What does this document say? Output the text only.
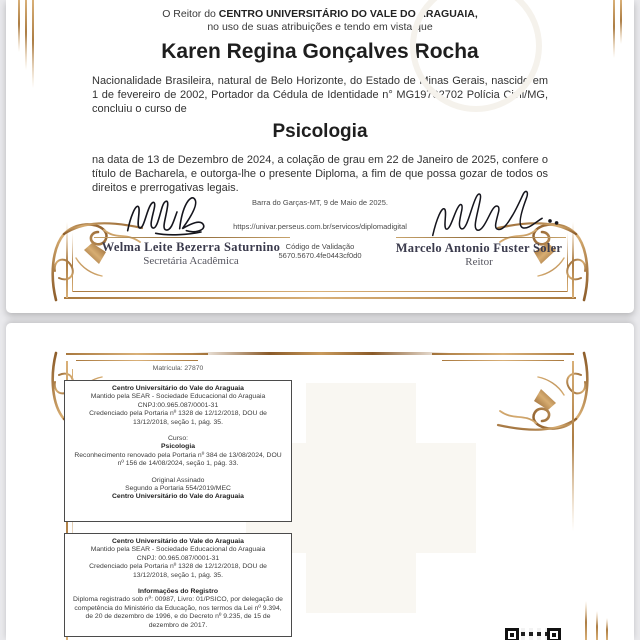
O Reitor do CENTRO UNIVERSITÁRIO DO VALE DO ARAGUAIA,
no uso de suas atribuições e tendo em vista que
Karen Regina Gonçalves Rocha
Nacionalidade Brasileira, natural de Belo Horizonte, do Estado de Minas Gerais, nascido em 1 de fevereiro de 2002, Portador da Cédula de Identidade n° MG19702702 Polícia Civil/MG, concluiu o curso de
Psicologia
na data de 13 de Dezembro de 2024, a colação de grau em 22 de Janeiro de 2025, confere o título de Bacharela, e outorga-lhe o presente Diploma, a fim de que possa gozar de todos os direitos e prerrogativas legais.
Barra do Garças-MT, 9 de Maio de 2025.
https://univar.perseus.com.br/servicos/diplomadigital
Código de Validação
5670.5670.4fe0443cf0d0
Welma Leite Bezerra Saturnino
Secretária Acadêmica
Marcelo Antonio Fuster Soler
Reitor
Matrícula: 27870
Centro Universitário do Vale do Araguaia
Mantido pela SEAR - Sociedade Educacional do Araguaia
CNPJ:00.965.087/0001-31
Credenciado pela Portaria nº 1328 de 12/12/2018, DOU de 13/12/2018, seção 1, pág. 35.
Curso:
Psicologia
Reconhecimento renovado pela Portaria nº 384 de 13/08/2024, DOU nº 156 de 14/08/2024, seção 1, pág. 33.
Original Assinado
Segundo a Portaria 554/2019/MEC
Centro Universitário do Vale do Araguaia
Centro Universitário do Vale do Araguaia
Mantido pela SEAR - Sociedade Educacional do Araguaia
CNPJ: 00.965.087/0001-31
Credenciado pela Portaria nº 1328 de 12/12/2018, DOU de 13/12/2018, seção 1, pág. 35.
Informações do Registro
Diploma registrado sob nº: 00987, Livro: 01/PSICO, por delegação de competência do Ministério da Educação, nos termos da Lei nº 9.394, de 20 de dezembro de 1996, e do Decreto nº 9.235, de 15 de dezembro de 2017.
